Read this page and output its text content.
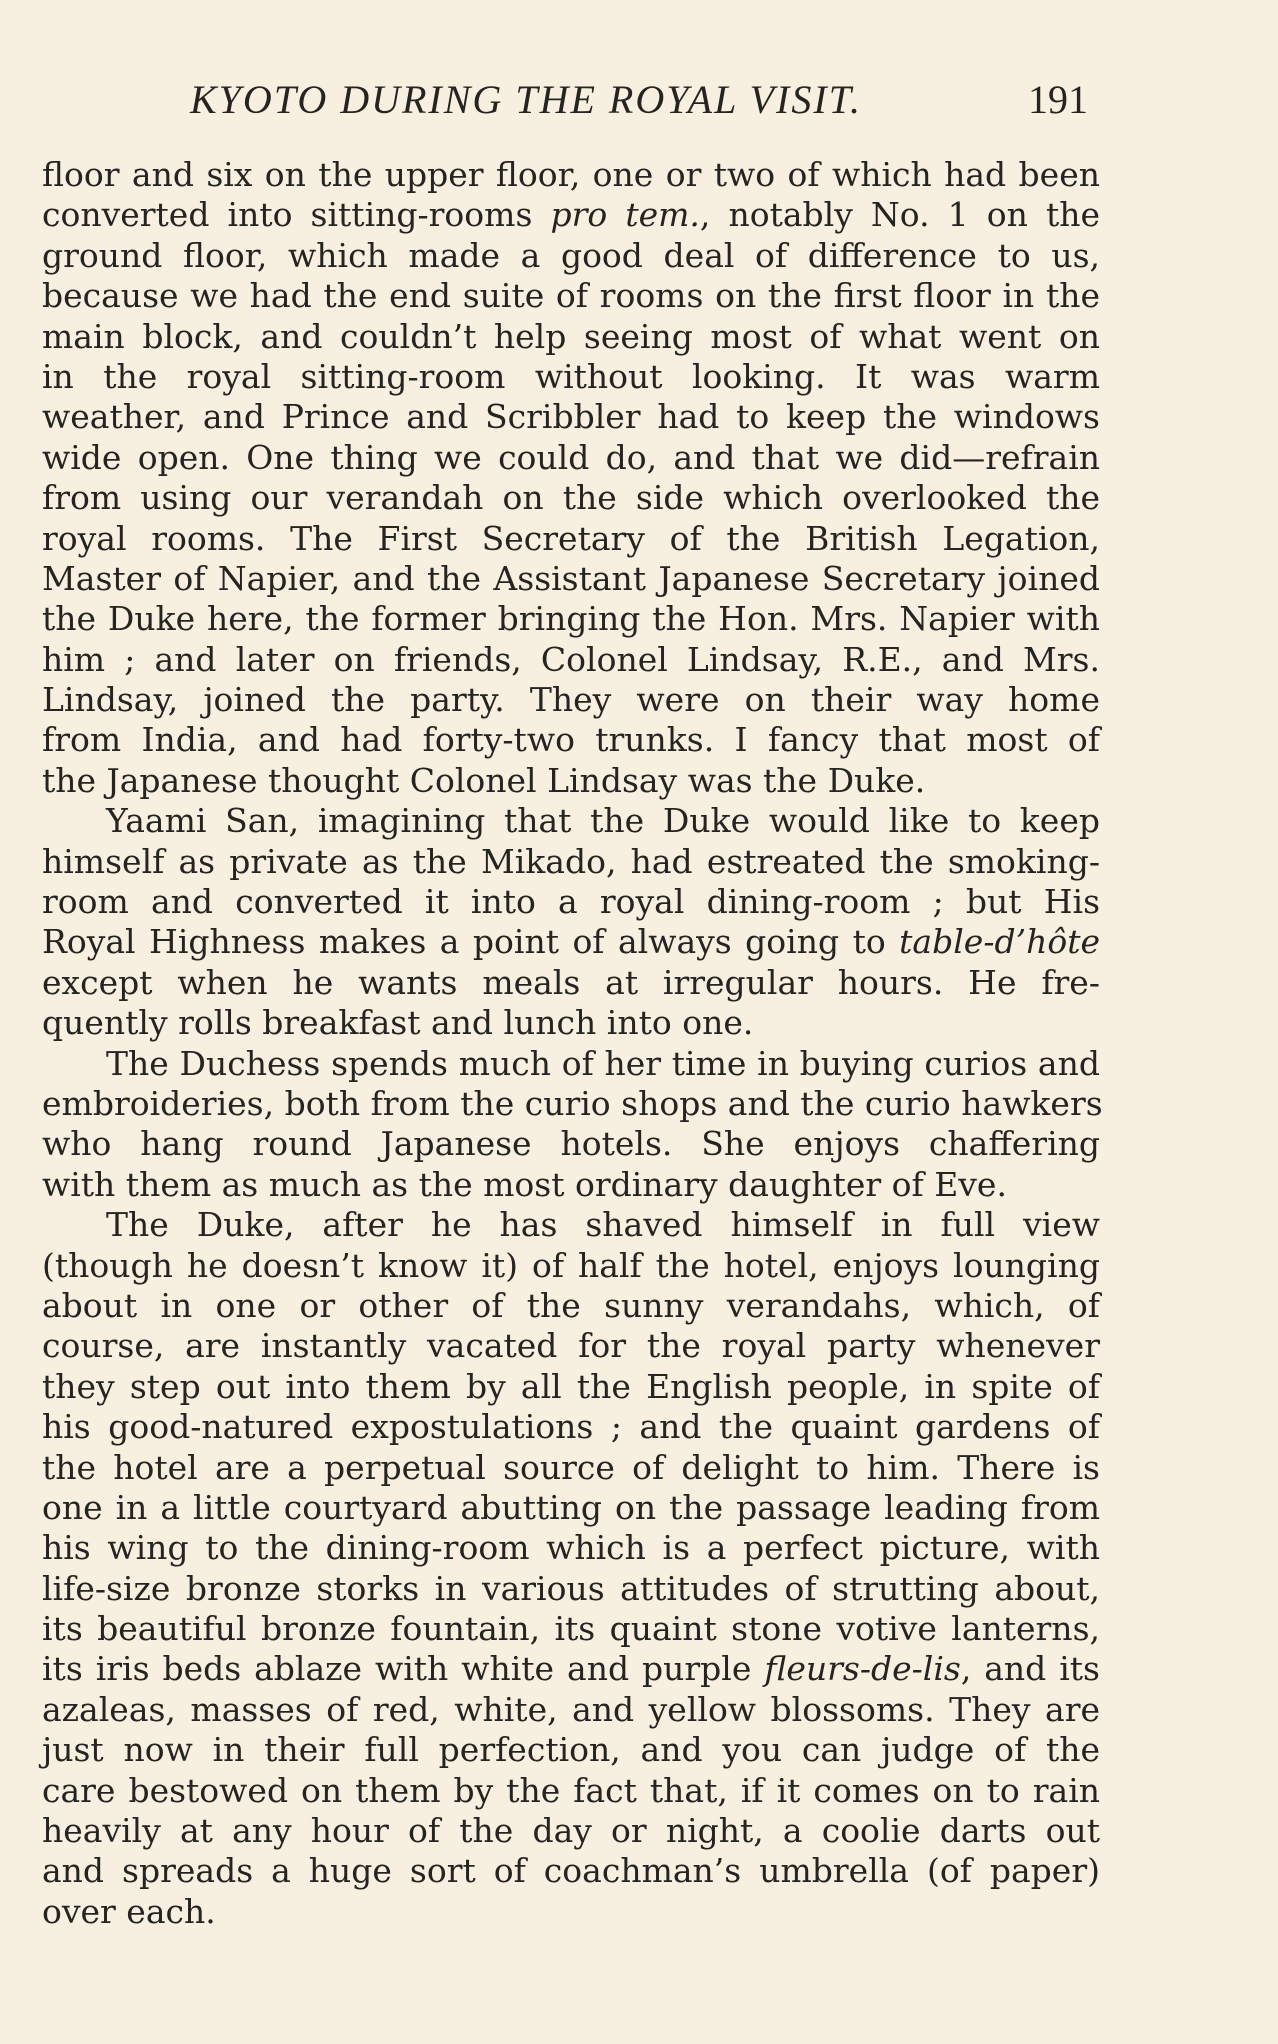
KYOTO DURING THE ROYAL VISIT.	191
floor and six on the upper floor, one or two of which had been
converted into sitting-rooms pro tem., notably No. 1 on the
ground floor, which made a good deal of difference to us,
because we had the end suite of rooms on the first floor in the
main block, and couldn’t help seeing most of what went on
in the royal sitting-room without looking. It was warm
weather, and Prince and Scribbler had to keep the windows
wide open. One thing we could do, and that we did—refrain
from using our verandah on the side which overlooked the
royal rooms. The First Secretary of the British Legation,
Master of Napier, and the Assistant Japanese Secretary joined
the Duke here, the former bringing the Hon. Mrs. Napier with
him ; and later on friends, Colonel Lindsay, R.E., and Mrs.
Lindsay, joined the party. They were on their way home
from India, and had forty-two trunks. I fancy that most of
the Japanese thought Colonel Lindsay was the Duke.
Yaami San, imagining that the Duke would like to keep
himself as private as the Mikado, had estreated the smoking-
room and converted it into a royal dining-room ; but His
Royal Highness makes a point of always going to table-d’hôte
except when he wants meals at irregular hours. He fre-
quently rolls breakfast and lunch into one.
The Duchess spends much of her time in buying curios and
embroideries, both from the curio shops and the curio hawkers
who hang round Japanese hotels. She enjoys chaffering
with them as much as the most ordinary daughter of Eve.
The Duke, after he has shaved himself in full view
(though he doesn’t know it) of half the hotel, enjoys lounging
about in one or other of the sunny verandahs, which, of
course, are instantly vacated for the royal party whenever
they step out into them by all the English people, in spite of
his good-natured expostulations ; and the quaint gardens of
the hotel are a perpetual source of delight to him. There is
one in a little courtyard abutting on the passage leading from
his wing to the dining-room which is a perfect picture, with
life-size bronze storks in various attitudes of strutting about,
its beautiful bronze fountain, its quaint stone votive lanterns,
its iris beds ablaze with white and purple fleurs-de-lis, and its
azaleas, masses of red, white, and yellow blossoms. They are
just now in their full perfection, and you can judge of the
care bestowed on them by the fact that, if it comes on to rain
heavily at any hour of the day or night, a coolie darts out
and spreads a huge sort of coachman’s umbrella (of paper)
over each.
